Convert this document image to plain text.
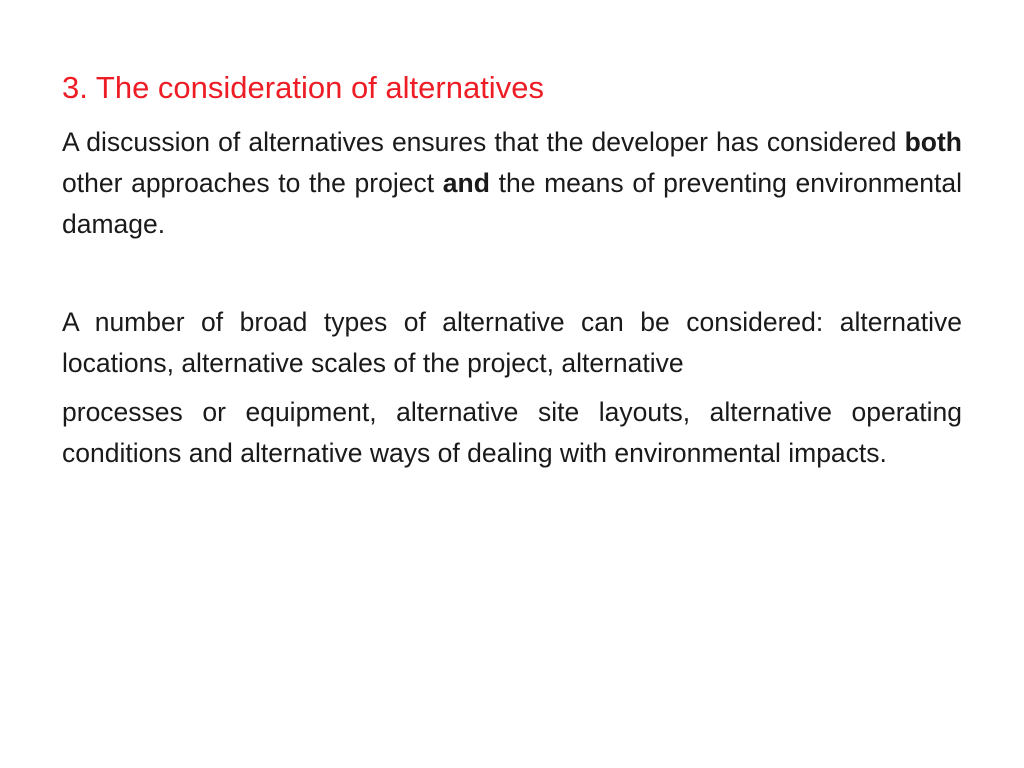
3. The consideration of alternatives

A discussion of alternatives ensures that the developer has considered both other approaches to the project and the means of preventing environmental damage.

A number of broad types of alternative can be considered: alternative locations, alternative scales of the project, alternative

processes or equipment, alternative site layouts, alternative operating conditions and alternative ways of dealing with environmental impacts.
